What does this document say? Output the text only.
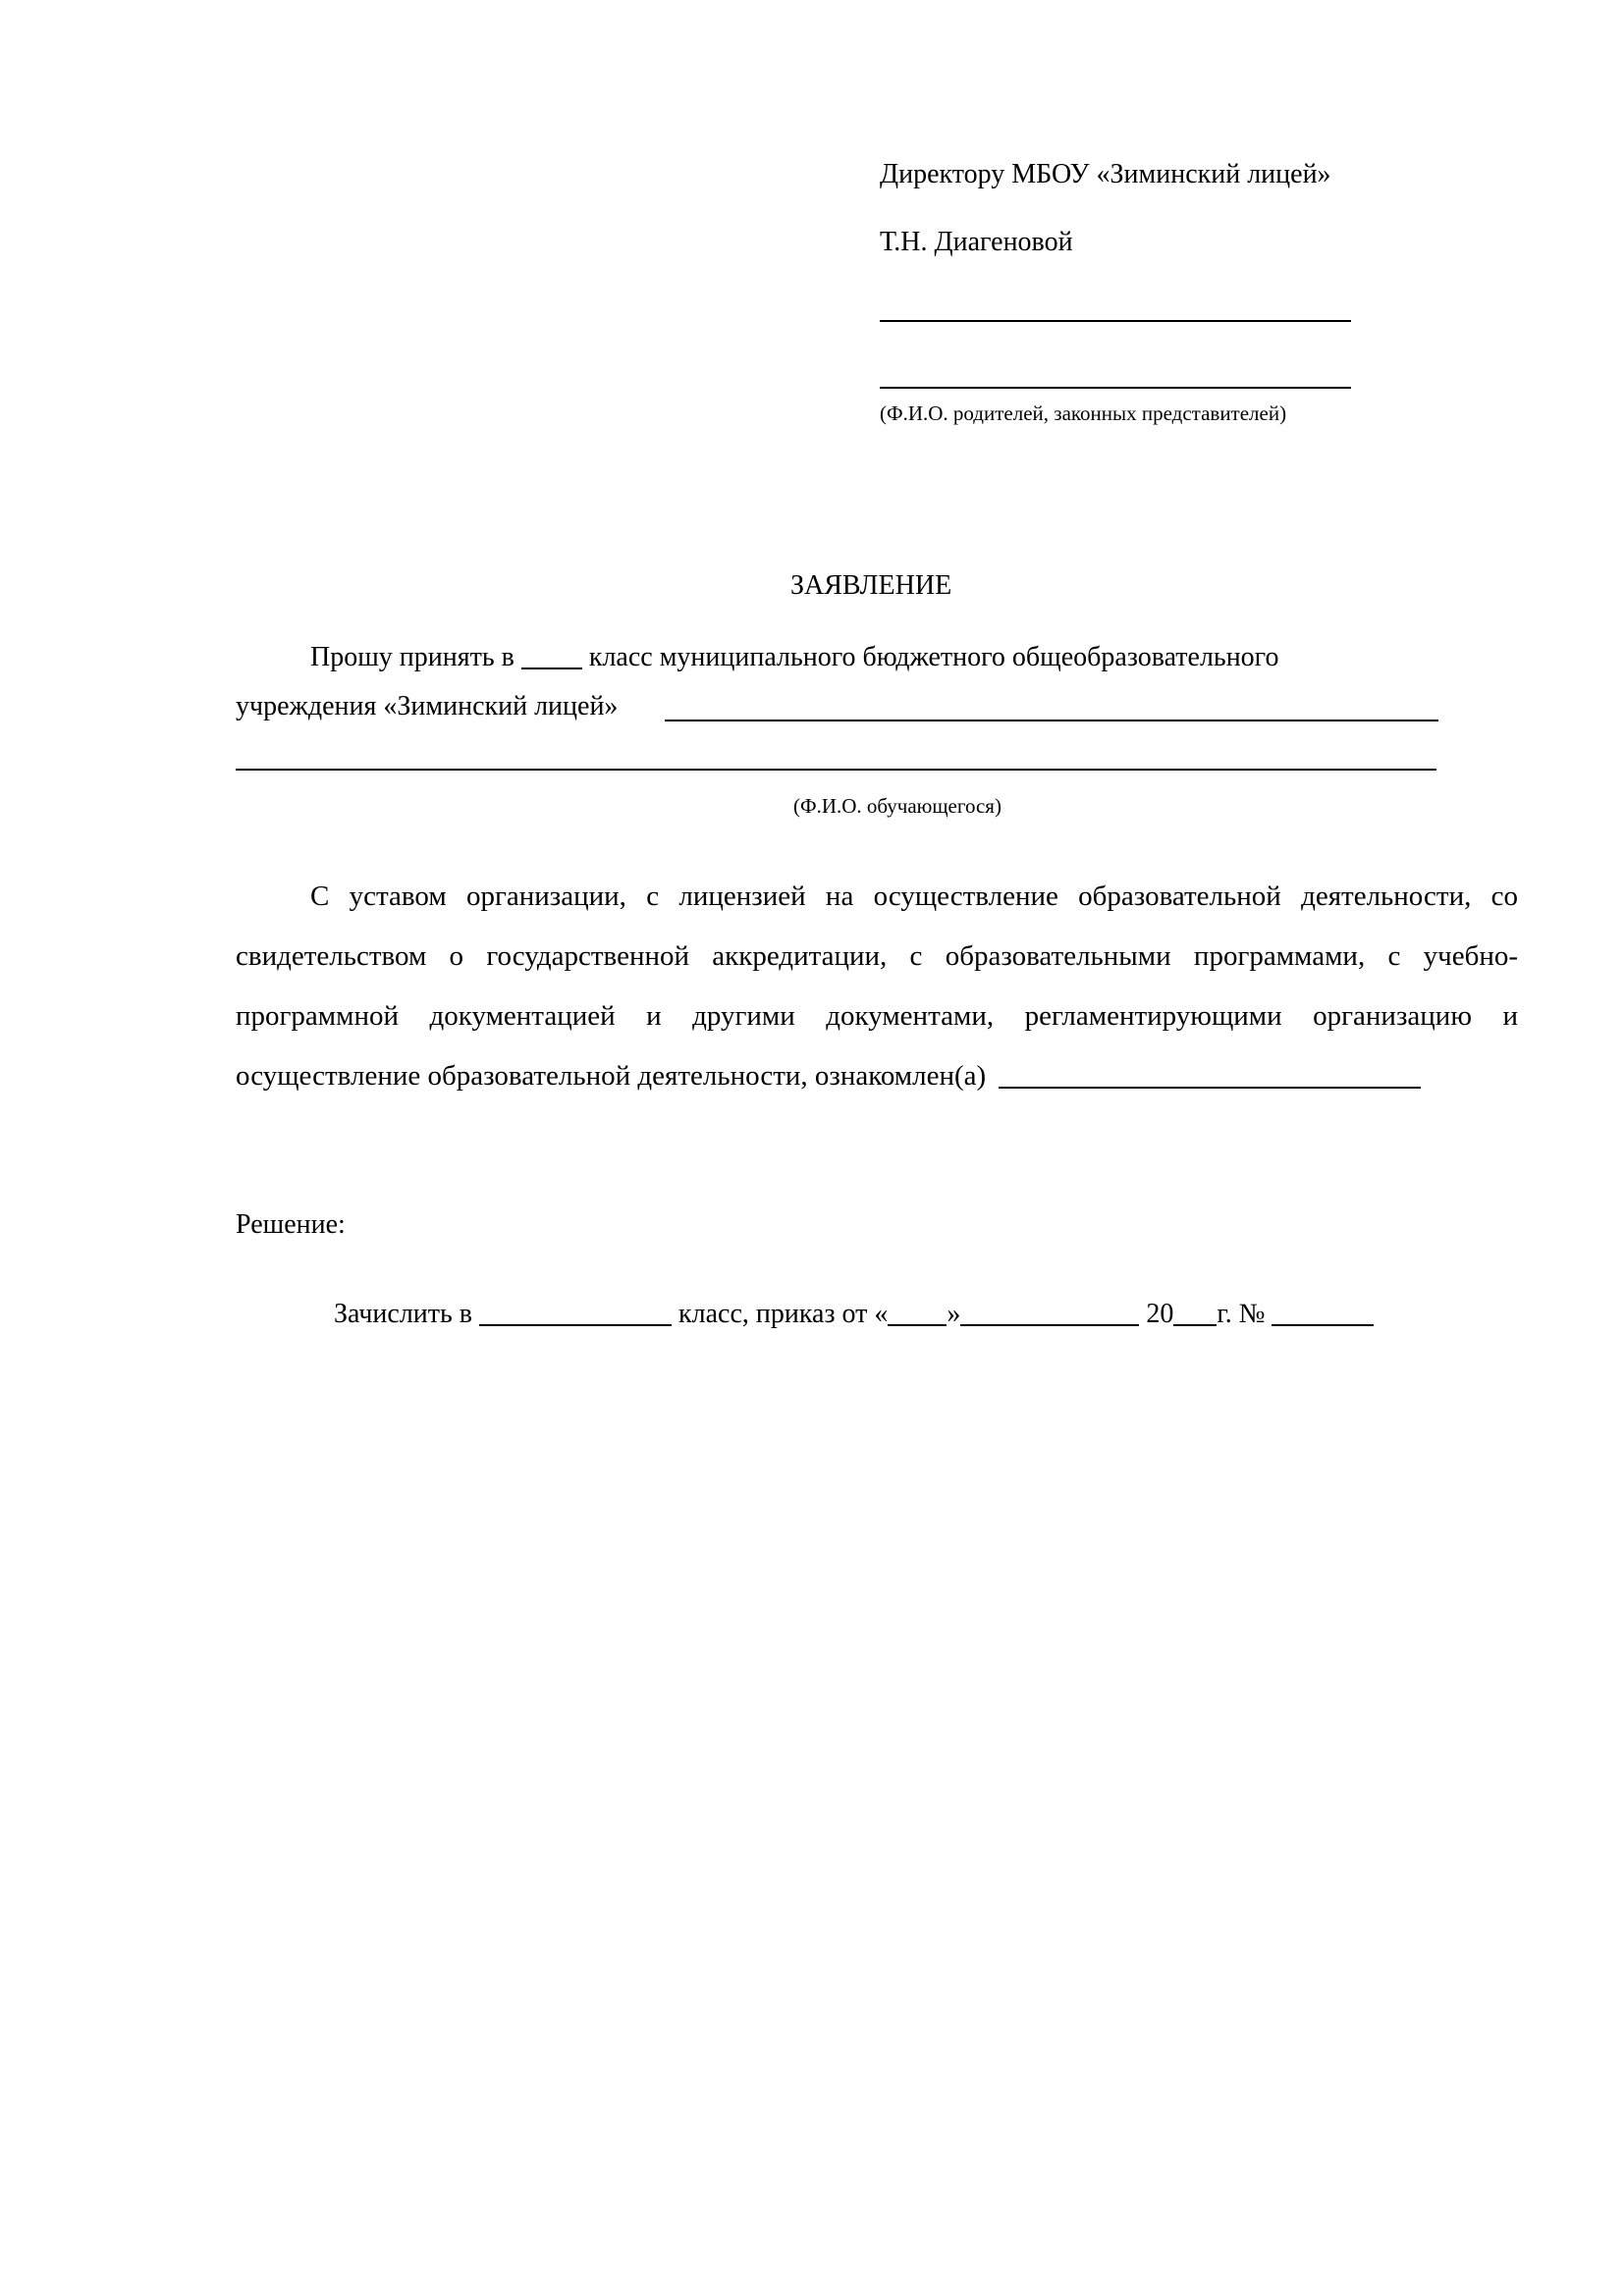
Директору МБОУ «Зиминский лицей»
Т.Н. Диагеновой
(Ф.И.О. родителей, законных представителей)
ЗАЯВЛЕНИЕ
Прошу принять в	класс муниципального бюджетного общеобразовательного
учреждения «Зиминский лицей»
(Ф.И.О. обучающегося)
С уставом организации, с лицензией на осуществление образовательной деятельности, со свидетельством о государственной аккредитации, с образовательными программами, с учебно-программной документацией и другими документами, регламентирующими организацию и осуществление образовательной деятельности, ознакомлен(а)
Решение:
Зачислить в	класс, приказ от « »	20 г. №
